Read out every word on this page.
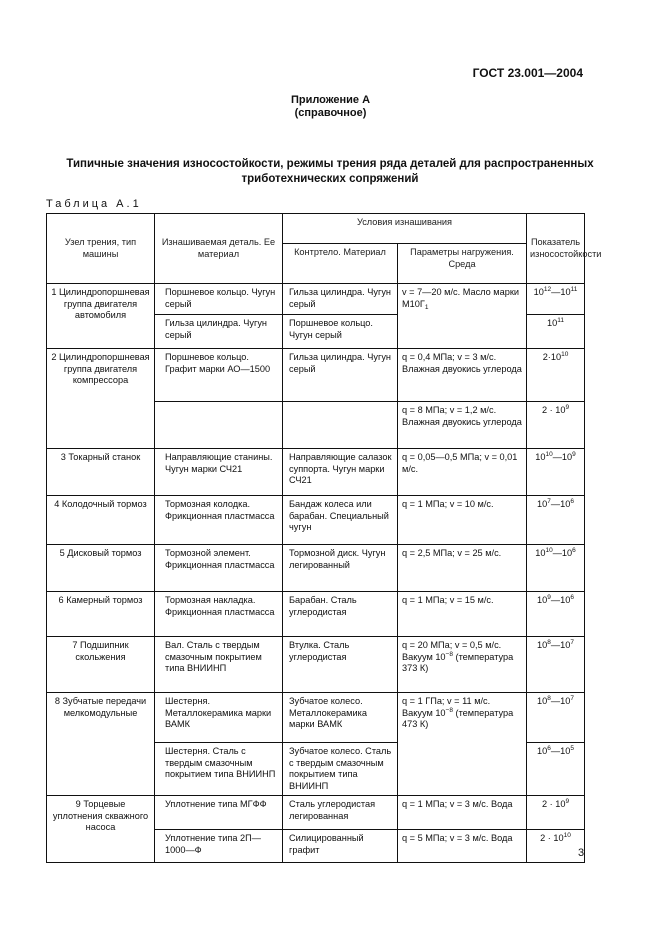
ГОСТ 23.001—2004
Приложение А
(справочное)
Типичные значения износостойкости, режимы трения ряда деталей для распространенных триботехнических сопряжений
Таблица А.1
Узел трения, тип машины	Изнашиваемая деталь. Ее материал	Условия изнашивания		Показатель износостойкости
		Контртело. Материал	Параметры нагружения. Среда	
1 Цилиндропоршневая группа двигателя автомобиля	Поршневое кольцо. Чугун серый	Гильза цилиндра. Чугун серый	v = 7—20 м/с. Масло марки $М10Г_1$	$10^{12}—10^{11}$
	Гильза цилиндра. Чугун серый	Поршневое кольцо. Чугун серый		$10^{11}$
2 Цилиндропоршневая группа двигателя компрессора	Поршневое кольцо. Графит марки АО—1500	Гильза цилиндра. Чугун серый	q = 0,4 МПа; v = 3 м/с. Влажная двуокись углерода	$2\cdot 10^{10}$
			q = 8 МПа; v = 1,2 м/с. Влажная двуокись углерода	$2 \cdot 10^9$
3 Токарный станок	Направляющие станины. Чугун марки СЧ21	Направляющие салазок суппорта. Чугун марки СЧ21	q = 0,05—0,5 МПа; v = 0,01 м/с.	$10^{10}—10^9$
4 Колодочный тормоз	Тормозная колодка. Фрикционная пластмасса	Бандаж колеса или барабан. Специальный чугун	q = 1 МПа; v = 10 м/с.	$10^7—10^6$
5 Дисковый тормоз	Тормозной элемент. Фрикционная пластмасса	Тормозной диск. Чугун легированный	q = 2,5 МПа; v = 25 м/с.	$10^{10}—10^6$
6 Камерный тормоз	Тормозная накладка. Фрикционная пластмасса	Барабан. Сталь углеродистая	q = 1 МПа; v = 15 м/с.	$10^9—10^6$
7 Подшипник скольжения	Вал. Сталь с твердым смазочным покрытием типа ВНИИНП	Втулка. Сталь углеродистая	q = 20 МПа; v = 0,5 м/с. Вакуум $10^{-8}$ (температура 373 К)	$10^8—10^7$
8 Зубчатые передачи мелкомодульные	Шестерня. Металлокерамика марки ВАМК	Зубчатое колесо. Металлокерамика марки ВАМК	q = 1 ГПа; v = 11 м/с. Вакуум $10^{-8}$ (температура 473 К)	$10^8—10^7$
	Шестерня. Сталь с твердым смазочным покрытием типа ВНИИНП	Зубчатое колесо. Сталь с твердым смазочным покрытием типа ВНИИНП		$10^6—10^5$
9 Торцевые уплотнения скважного насоса	Уплотнение типа МГФФ	Сталь углеродистая легированная	q = 1 МПа; v = 3 м/с. Вода	$2 \cdot 10^9$
	Уплотнение типа 2П—1000—Ф	Силицированный графит	q = 5 МПа; v = 3 м/с. Вода	$2 \cdot 10^{10}$
3
